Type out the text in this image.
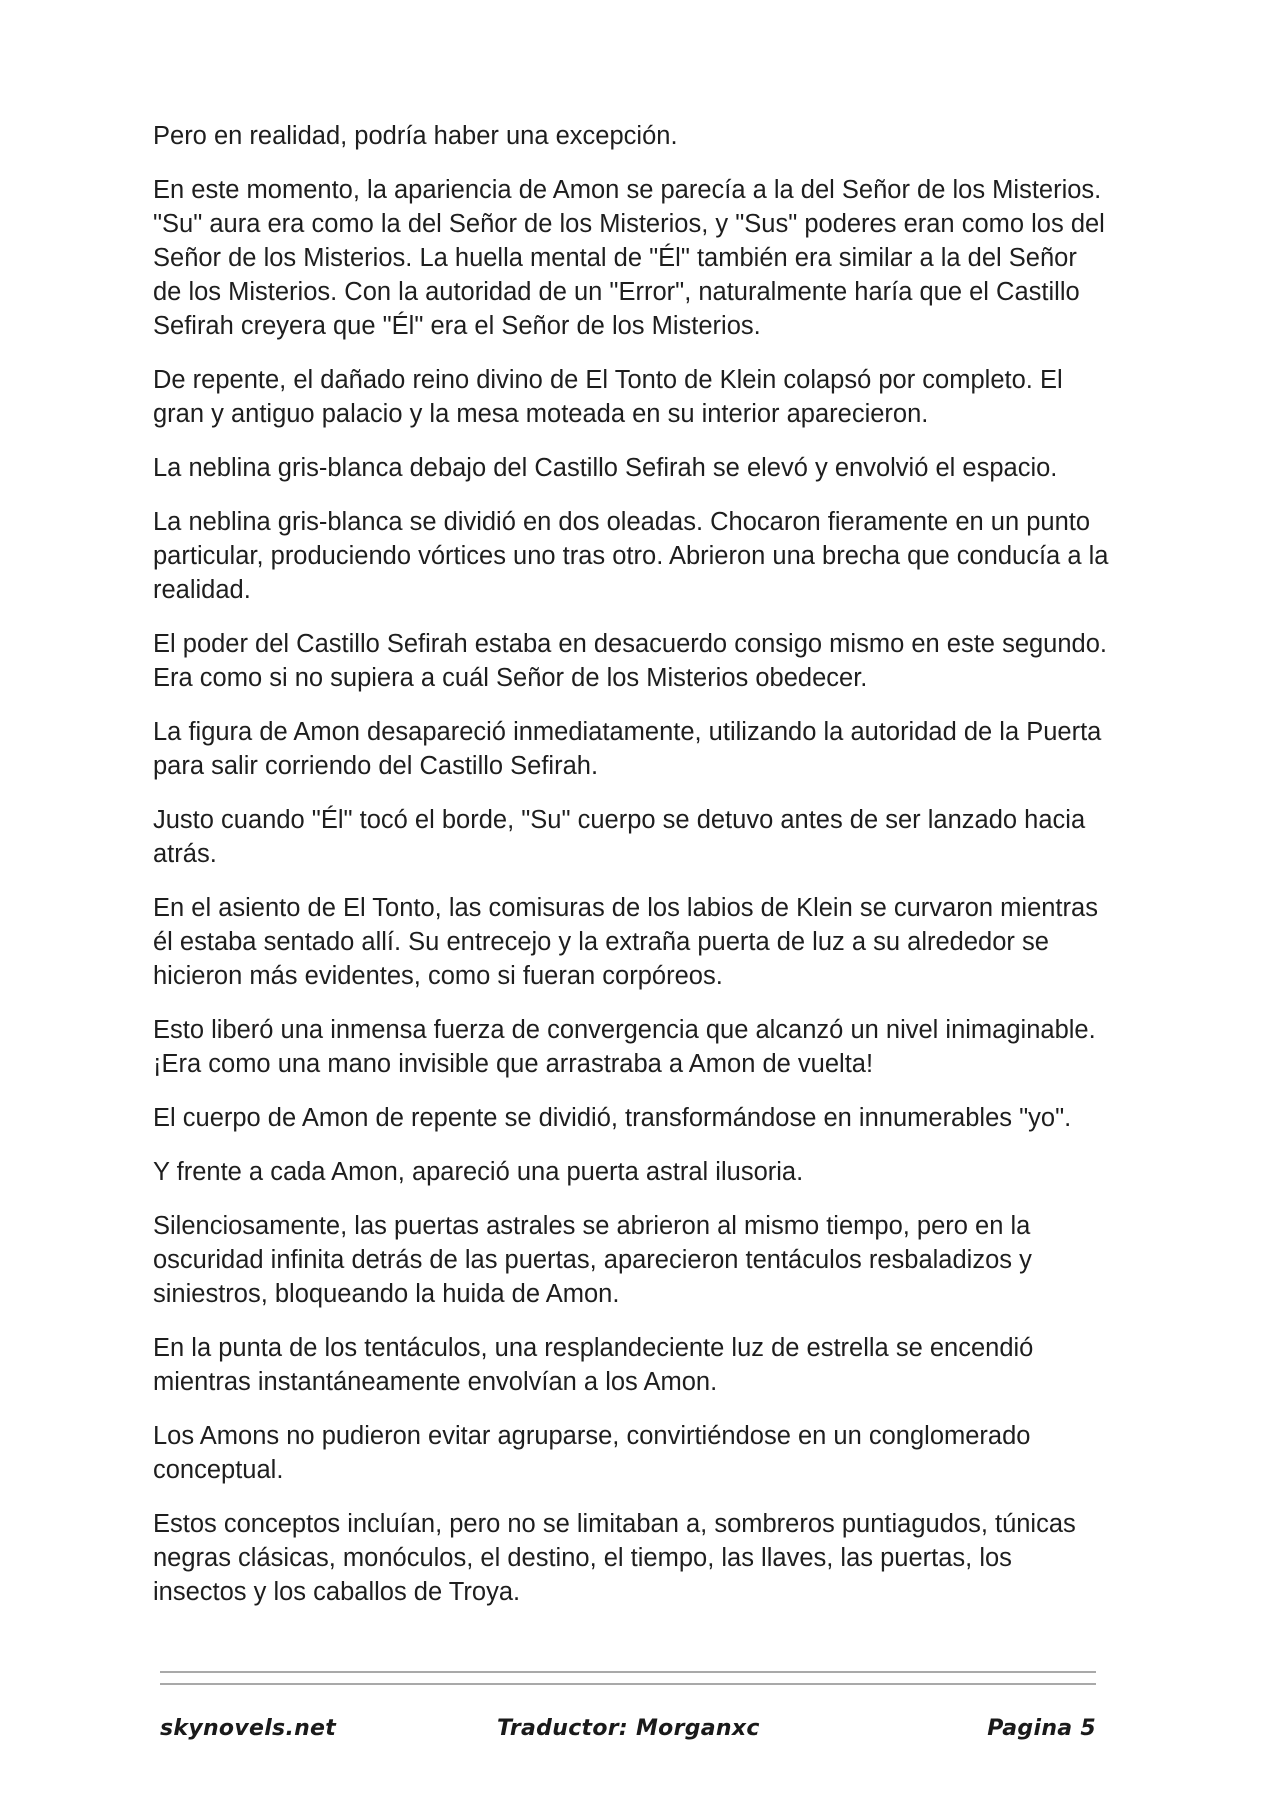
Pero en realidad, podría haber una excepción.

En este momento, la apariencia de Amon se parecía a la del Señor de los Misterios. "Su" aura era como la del Señor de los Misterios, y "Sus" poderes eran como los del Señor de los Misterios. La huella mental de "Él" también era similar a la del Señor de los Misterios. Con la autoridad de un "Error", naturalmente haría que el Castillo Sefirah creyera que "Él" era el Señor de los Misterios.

De repente, el dañado reino divino de El Tonto de Klein colapsó por completo. El gran y antiguo palacio y la mesa moteada en su interior aparecieron.

La neblina gris-blanca debajo del Castillo Sefirah se elevó y envolvió el espacio.

La neblina gris-blanca se dividió en dos oleadas. Chocaron fieramente en un punto particular, produciendo vórtices uno tras otro. Abrieron una brecha que conducía a la realidad.

El poder del Castillo Sefirah estaba en desacuerdo consigo mismo en este segundo. Era como si no supiera a cuál Señor de los Misterios obedecer.

La figura de Amon desapareció inmediatamente, utilizando la autoridad de la Puerta para salir corriendo del Castillo Sefirah.

Justo cuando "Él" tocó el borde, "Su" cuerpo se detuvo antes de ser lanzado hacia atrás.

En el asiento de El Tonto, las comisuras de los labios de Klein se curvaron mientras él estaba sentado allí. Su entrecejo y la extraña puerta de luz a su alrededor se hicieron más evidentes, como si fueran corpóreos.

Esto liberó una inmensa fuerza de convergencia que alcanzó un nivel inimaginable. ¡Era como una mano invisible que arrastraba a Amon de vuelta!

El cuerpo de Amon de repente se dividió, transformándose en innumerables "yo".

Y frente a cada Amon, apareció una puerta astral ilusoria.

Silenciosamente, las puertas astrales se abrieron al mismo tiempo, pero en la oscuridad infinita detrás de las puertas, aparecieron tentáculos resbaladizos y siniestros, bloqueando la huida de Amon.

En la punta de los tentáculos, una resplandeciente luz de estrella se encendió mientras instantáneamente envolvían a los Amon.

Los Amons no pudieron evitar agruparse, convirtiéndose en un conglomerado conceptual.

Estos conceptos incluían, pero no se limitaban a, sombreros puntiagudos, túnicas negras clásicas, monóculos, el destino, el tiempo, las llaves, las puertas, los insectos y los caballos de Troya.

skynovels.net	Traductor: Morganxc	Pagina 5
